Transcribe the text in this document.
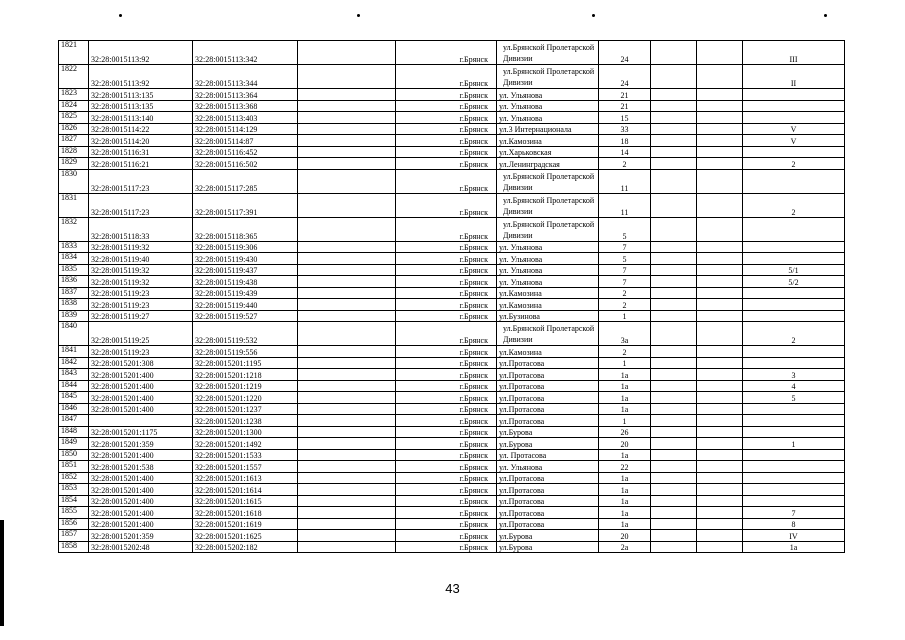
1821	32:28:0015113:92	32:28:0015113:342		г.Брянск	ул.Брянской Пролетарской Дивизии	24			III
1822	32:28:0015113:92	32:28:0015113:344		г.Брянск	ул.Брянской Пролетарской Дивизии	24			II
1823	32:28:0015113:135	32:28:0015113:364		г.Брянск	ул. Ульянова	21			
1824	32:28:0015113:135	32:28:0015113:368		г.Брянск	ул. Ульянова	21			
1825	32:28:0015113:140	32:28:0015113:403		г.Брянск	ул. Ульянова	15			
1826	32:28:0015114:22	32:28:0015114:129		г.Брянск	ул.3 Интернационала	33			V
1827	32:28:0015114:20	32:28:0015114:87		г.Брянск	ул.Камозина	18			V
1828	32:28:0015116:31	32:28:0015116:452		г.Брянск	ул.Харьковская	14			
1829	32:28:0015116:21	32:28:0015116:502		г.Брянск	ул.Ленинградская	2			2
1830	32:28:0015117:23	32:28:0015117:285		г.Брянск	ул.Брянской Пролетарской Дивизии	11			
1831	32:28:0015117:23	32:28:0015117:391		г.Брянск	ул.Брянской Пролетарской Дивизии	11			2
1832	32:28:0015118:33	32:28:0015118:365		г.Брянск	ул.Брянской Пролетарской Дивизии	5			
1833	32:28:0015119:32	32:28:0015119:306		г.Брянск	ул. Ульянова	7			
1834	32:28:0015119:40	32:28:0015119:430		г.Брянск	ул. Ульянова	5			
1835	32:28:0015119:32	32:28:0015119:437		г.Брянск	ул. Ульянова	7			5/1
1836	32:28:0015119:32	32:28:0015119:438		г.Брянск	ул. Ульянова	7			5/2
1837	32:28:0015119:23	32:28:0015119:439		г.Брянск	ул.Камозина	2			
1838	32:28:0015119:23	32:28:0015119:440		г.Брянск	ул.Камозина	2			
1839	32:28:0015119:27	32:28:0015119:527		г.Брянск	ул.Бузинова	1			
1840	32:28:0015119:25	32:28:0015119:532		г.Брянск	ул.Брянской Пролетарской Дивизии	3а			2
1841	32:28:0015119:23	32:28:0015119:556		г.Брянск	ул.Камозина	2			
1842	32:28:0015201:308	32:28:0015201:1195		г.Брянск	ул.Протасова	1			
1843	32:28:0015201:400	32:28:0015201:1218		г.Брянск	ул.Протасова	1а			3
1844	32:28:0015201:400	32:28:0015201:1219		г.Брянск	ул.Протасова	1а			4
1845	32:28:0015201:400	32:28:0015201:1220		г.Брянск	ул.Протасова	1а			5
1846	32:28:0015201:400	32:28:0015201:1237		г.Брянск	ул.Протасова	1а			
1847		32:28:0015201:1238		г.Брянск	ул.Протасова	1			
1848	32:28:0015201:1175	32:28:0015201:1300		г.Брянск	ул.Бурова	26			
1849	32:28:0015201:359	32:28:0015201:1492		г.Брянск	ул.Бурова	20			1
1850	32:28:0015201:400	32:28:0015201:1533		г.Брянск	ул. Протасова	1а			
1851	32:28:0015201:538	32:28:0015201:1557		г.Брянск	ул. Ульянова	22			
1852	32:28:0015201:400	32:28:0015201:1613		г.Брянск	ул.Протасова	1а			
1853	32:28:0015201:400	32:28:0015201:1614		г.Брянск	ул.Протасова	1а			
1854	32:28:0015201:400	32:28:0015201:1615		г.Брянск	ул.Протасова	1а			
1855	32:28:0015201:400	32:28:0015201:1618		г.Брянск	ул.Протасова	1а			7
1856	32:28:0015201:400	32:28:0015201:1619		г.Брянск	ул.Протасова	1а			8
1857	32:28:0015201:359	32:28:0015201:1625		г.Брянск	ул.Бурова	20			IV
1858	32:28:0015202:48	32:28:0015202:182		г.Брянск	ул.Бурова	2а			1а
43
